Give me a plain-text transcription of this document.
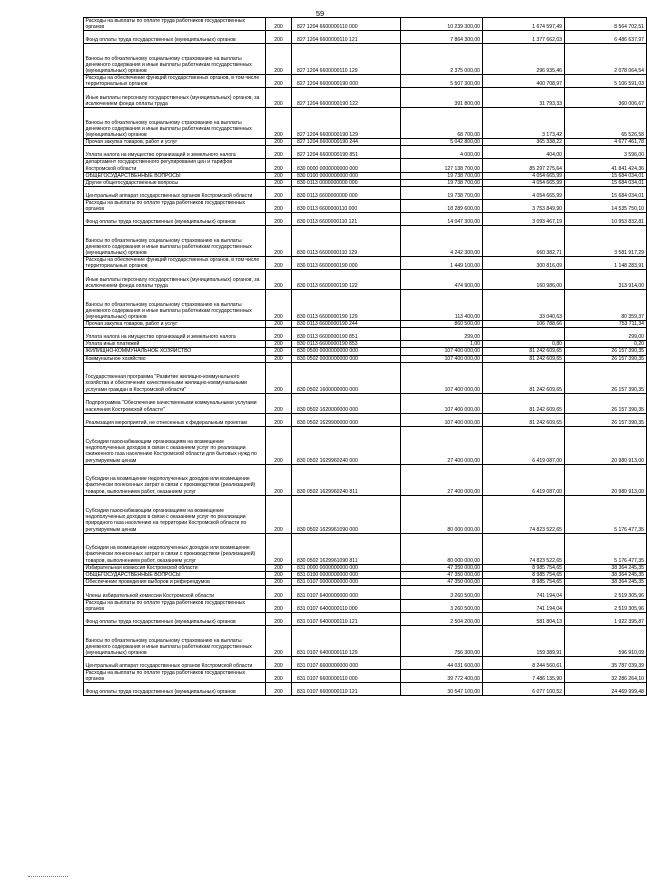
59
Расходы на выплаты по оплате труда работников государственных органов	200	827 1204 6600000110 000	10 239 300,00	1 674 597,49	8 564 702,51
Фонд оплаты труда государственных (муниципальных) органов	200	827 1204 6600000110 121	7 864 300,00	1 377 662,03	6 486 637,97
Взносы по обязательному социальному страхованию на выплаты денежного содержания и иные выплаты работникам государственных (муниципальных) органов	200	827 1204 6600000110 129	2 375 000,00	296 935,46	2 078 064,54
Расходы на обеспечение функций государственных органов, в том числе территориальных органов	200	827 1204 6600000190 000	5 507 300,00	400 708,97	5 106 591,03
Иные выплаты персоналу государственных (муниципальных) органов, за исключением фонда оплаты труда	200	827 1204 6600000190 122	391 800,00	31 793,33	360 006,67
Взносы по обязательному социальному страхованию на выплаты денежного содержания и иные выплаты работникам государственных (муниципальных) органов	200	827 1204 6600000190 129	68 700,00	3 173,42	65 526,58
Прочая закупка товаров, работ и услуг	200	827 1204 6600000190 244	5 042 800,00	365 338,22	4 677 461,78
Уплата налога на имущество организаций и земельного налога	200	827 1204 6600000190 851	4 000,00	404,00	3 596,00
департамент государственного регулирования цен и тарифов Костромской области	200	830 0000 0000000000 000	127 138 700,00	85 297 275,64	41 841 424,36
ОБЩЕГОСУДАРСТВЕННЫЕ ВОПРОСЫ	200	830 0100 0000000000 000	19 738 700,00	4 054 665,99	15 684 034,01
Другие общегосударственные вопросы	200	830 0113 0000000000 000	19 738 700,00	4 054 665,99	15 684 034,01
Центральный аппарат государственных органов Костромской области	200	830 0113 6600000000 000	19 738 700,00	4 054 665,99	15 684 034,01
Расходы на выплаты по оплате труда работников государственных органов	200	830 0113 6600000110 000	18 289 600,00	3 753 849,90	14 535 750,10
Фонд оплаты труда государственных (муниципальных) органов	200	830 0113 6600000110 121	14 047 300,00	3 093 467,19	10 953 832,81
Взносы по обязательному социальному страхованию на выплаты денежного содержания и иные выплаты работникам государственных (муниципальных) органов	200	830 0113 6600000110 129	4 242 300,00	660 382,71	3 581 917,29
Расходы на обеспечение функций государственных органов, в том числе территориальных органов	200	830 0113 6600000190 000	1 449 100,00	300 816,09	1 148 283,91
Иные выплаты персоналу государственных (муниципальных) органов, за исключением фонда оплаты труда	200	830 0113 6600000190 122	474 900,00	160 986,00	313 914,00
Взносы по обязательному социальному страхованию на выплаты денежного содержания и иные выплаты работникам государственных (муниципальных) органов	200	830 0113 6600000190 129	113 400,00	33 040,63	80 359,37
Прочая закупка товаров, работ и услуг	200	830 0113 6600000190 244	860 500,00	106 788,66	753 711,34
Уплата налога на имущество организаций и земельного налога	200	830 0113 6600000190 851	299,00		299,00
Уплата иных платежей	200	830 0113 6600000190 853	1,00	0,80	0,20
ЖИЛИЩНО-КОММУНАЛЬНОЕ ХОЗЯЙСТВО	200	830 0500 0000000000 000	107 400 000,00	81 242 609,65	26 157 390,35
Коммунальное хозяйство	200	830 0502 0000000000 000	107 400 000,00	81 242 609,65	26 157 390,35
Государственная программа "Развитие жилищно-коммунального хозяйства и обеспечение качественными жилищно-коммунальными услугами граждан в Костромской области"	200	830 0502 1600000000 000	107 400 000,00	81 242 609,65	26 157 390,35
Подпрограмма "Обеспечение качественными коммунальными услугами населения Костромской области"	200	830 0502 1620000000 000	107 400 000,00	81 242 609,65	26 157 390,35
Реализация мероприятий, не отнесенных к федеральным проектам	200	830 0502 1629900000 000	107 400 000,00	81 242 609,65	26 157 390,35
Субсидии газоснабжающим организациям на возмещение недополученных доходов в связи с оказанием услуг по реализации сжиженного газа населению Костромской области для бытовых нужд по регулируемым ценам	200	830 0502 1629960240 000	27 400 000,00	6 419 087,00	20 980 913,00
Субсидии на возмещение недополученных доходов или возмещение фактически понесенных затрат в связи с производством (реализацией) товаров, выполнением работ, оказанием услуг	200	830 0502 1629960240 811	27 400 000,00	6 419 087,00	20 980 913,00
Субсидии газоснабжающим организациям на возмещение недополученных доходов в связи с оказанием услуг по реализации природного газа населению на территории Костромской области по регулируемым ценам	200	830 0502 1629961090 000	80 000 000,00	74 823 522,65	5 176 477,35
Субсидии на возмещение недополученных доходов или возмещение фактически понесенных затрат в связи с производством (реализацией) товаров, выполнением работ, оказанием услуг	200	830 0502 1629961090 811	80 000 000,00	74 823 522,65	5 176 477,35
Избирательная комиссия Костромской области	200	831 0000 0000000000 000	47 350 000,00	8 985 754,65	38 364 245,35
ОБЩЕГОСУДАРСТВЕННЫЕ ВОПРОСЫ	200	831 0100 0000000000 000	47 350 000,00	8 985 754,65	38 364 245,35
Обеспечение проведения выборов и референдумов	200	831 0107 0000000000 000	47 350 000,00	8 985 754,65	38 364 245,35
Члены избирательной комиссии Костромской области	200	831 0107 6400000000 000	3 260 500,00	741 194,04	2 519 305,96
Расходы на выплаты по оплате труда работников государственных органов	200	831 0107 6400000110 000	3 260 500,00	741 194,04	2 519 305,96
Фонд оплаты труда государственных (муниципальных) органов	200	831 0107 6400000110 121	2 504 200,00	581 804,13	1 922 395,87
Взносы по обязательному социальному страхованию на выплаты денежного содержания и иные выплаты работникам государственных (муниципальных) органов	200	831 0107 6400000110 129	756 300,00	159 389,91	596 910,09
Центральный аппарат государственных органов Костромской области	200	831 0107 6600000000 000	44 031 600,00	8 244 560,61	35 787 039,39
Расходы на выплаты по оплате труда работников государственных органов	200	831 0107 6600000110 000	39 772 400,00	7 486 135,90	32 286 264,10
Фонд оплаты труда государственных (муниципальных) органов	200	831 0107 6600000110 121	30 547 100,00	6 077 100,52	24 469 999,48
